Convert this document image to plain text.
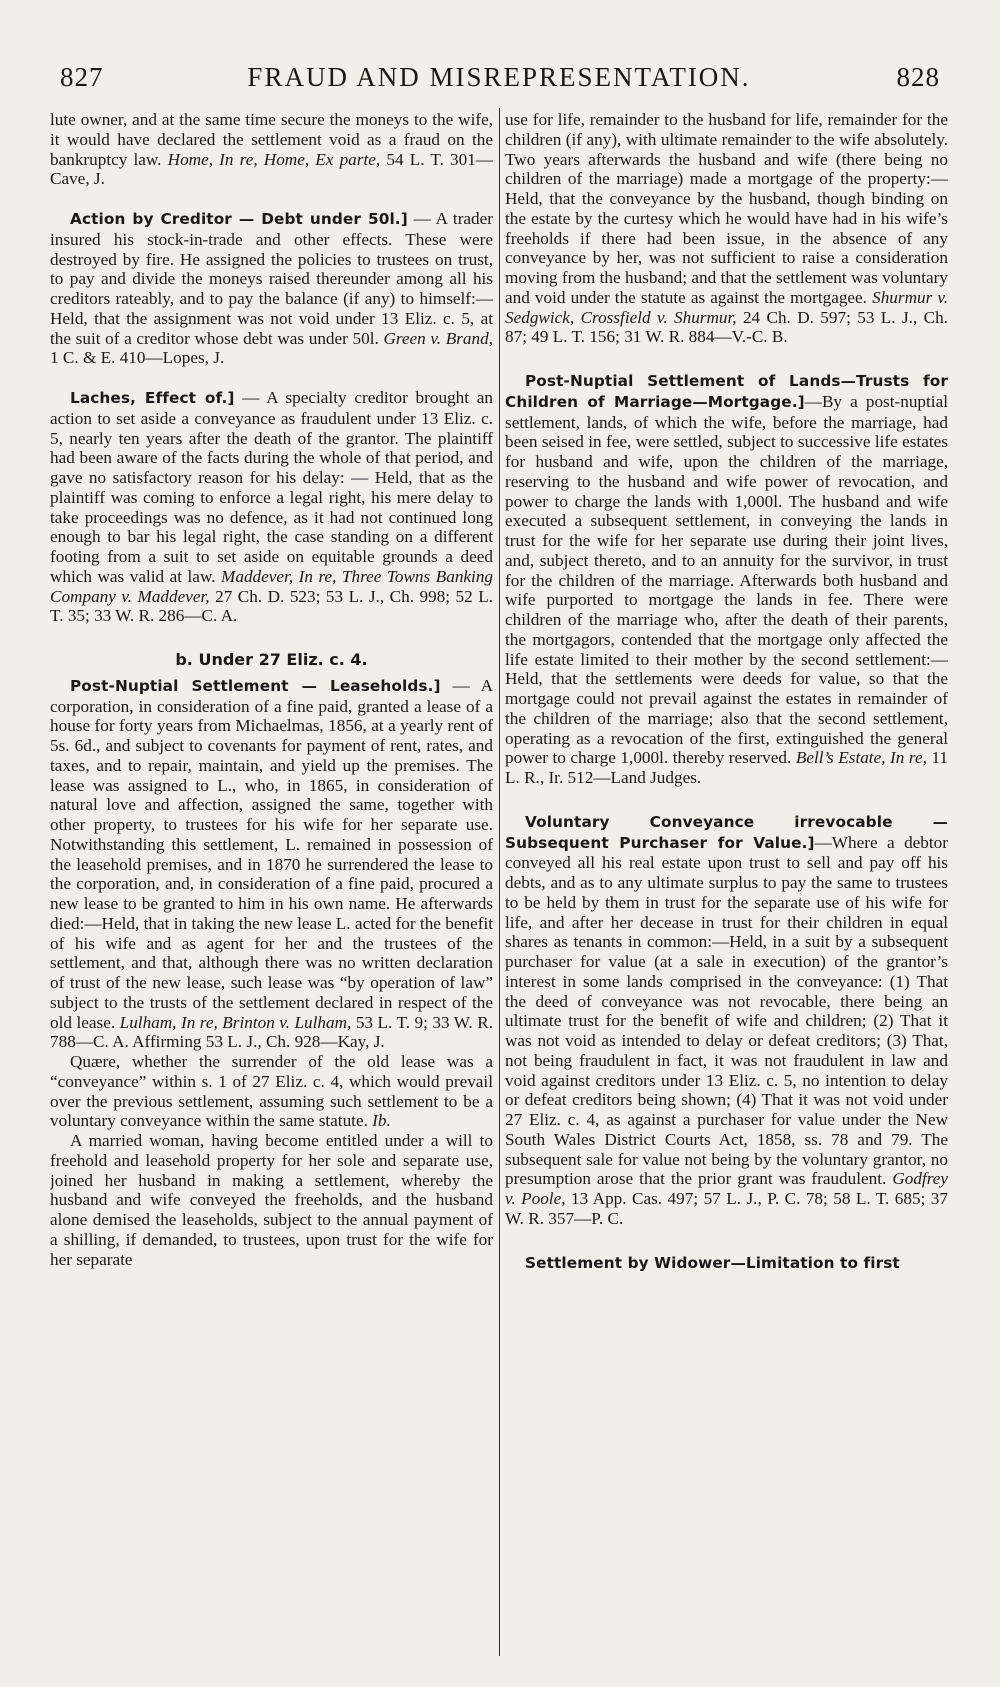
827	FRAUD AND MISREPRESENTATION.	828

lute owner, and at the same time secure the moneys to the wife, it would have declared the settlement void as a fraud on the bankruptcy law. Home, In re, Home, Ex parte, 54 L. T. 301—Cave, J.

Action by Creditor — Debt under 50l.] — A trader insured his stock-in-trade and other effects. These were destroyed by fire. He assigned the policies to trustees on trust, to pay and divide the moneys raised thereunder among all his creditors rateably, and to pay the balance (if any) to himself:—Held, that the assignment was not void under 13 Eliz. c. 5, at the suit of a creditor whose debt was under 50l. Green v. Brand, 1 C. & E. 410—Lopes, J.

Laches, Effect of.] — A specialty creditor brought an action to set aside a conveyance as fraudulent under 13 Eliz. c. 5, nearly ten years after the death of the grantor. The plaintiff had been aware of the facts during the whole of that period, and gave no satisfactory reason for his delay: — Held, that as the plaintiff was coming to enforce a legal right, his mere delay to take proceedings was no defence, as it had not continued long enough to bar his legal right, the case standing on a different footing from a suit to set aside on equitable grounds a deed which was valid at law. Maddever, In re, Three Towns Banking Company v. Maddever, 27 Ch. D. 523; 53 L. J., Ch. 998; 52 L. T. 35; 33 W. R. 286—C. A.

b. Under 27 Eliz. c. 4.

Post-Nuptial Settlement — Leaseholds.] — A corporation, in consideration of a fine paid, granted a lease of a house for forty years from Michaelmas, 1856, at a yearly rent of 5s. 6d., and subject to covenants for payment of rent, rates, and taxes, and to repair, maintain, and yield up the premises. The lease was assigned to L., who, in 1865, in consideration of natural love and affection, assigned the same, together with other property, to trustees for his wife for her separate use. Notwithstanding this settlement, L. remained in possession of the leasehold premises, and in 1870 he surrendered the lease to the corporation, and, in consideration of a fine paid, procured a new lease to be granted to him in his own name. He afterwards died:—Held, that in taking the new lease L. acted for the benefit of his wife and as agent for her and the trustees of the settlement, and that, although there was no written declaration of trust of the new lease, such lease was “by operation of law” subject to the trusts of the settlement declared in respect of the old lease. Lulham, In re, Brinton v. Lulham, 53 L. T. 9; 33 W. R. 788—C. A. Affirming 53 L. J., Ch. 928—Kay, J.

Quære, whether the surrender of the old lease was a “conveyance” within s. 1 of 27 Eliz. c. 4, which would prevail over the previous settlement, assuming such settlement to be a voluntary conveyance within the same statute. Ib.

A married woman, having become entitled under a will to freehold and leasehold property for her sole and separate use, joined her husband in making a settlement, whereby the husband and wife conveyed the freeholds, and the husband alone demised the leaseholds, subject to the annual payment of a shilling, if demanded, to trustees, upon trust for the wife for her separate

use for life, remainder to the husband for life, remainder for the children (if any), with ultimate remainder to the wife absolutely. Two years afterwards the husband and wife (there being no children of the marriage) made a mortgage of the property:—Held, that the conveyance by the husband, though binding on the estate by the curtesy which he would have had in his wife’s freeholds if there had been issue, in the absence of any conveyance by her, was not sufficient to raise a consideration moving from the husband; and that the settlement was voluntary and void under the statute as against the mortgagee. Shurmur v. Sedgwick, Crossfield v. Shurmur, 24 Ch. D. 597; 53 L. J., Ch. 87; 49 L. T. 156; 31 W. R. 884—V.-C. B.

Post-Nuptial Settlement of Lands—Trusts for Children of Marriage—Mortgage.]—By a post-nuptial settlement, lands, of which the wife, before the marriage, had been seised in fee, were settled, subject to successive life estates for husband and wife, upon the children of the marriage, reserving to the husband and wife power of revocation, and power to charge the lands with 1,000l. The husband and wife executed a subsequent settlement, in conveying the lands in trust for the wife for her separate use during their joint lives, and, subject thereto, and to an annuity for the survivor, in trust for the children of the marriage. Afterwards both husband and wife purported to mortgage the lands in fee. There were children of the marriage who, after the death of their parents, the mortgagors, contended that the mortgage only affected the life estate limited to their mother by the second settlement:—Held, that the settlements were deeds for value, so that the mortgage could not prevail against the estates in remainder of the children of the marriage; also that the second settlement, operating as a revocation of the first, extinguished the general power to charge 1,000l. thereby reserved. Bell’s Estate, In re, 11 L. R., Ir. 512—Land Judges.

Voluntary Conveyance irrevocable — Subsequent Purchaser for Value.]—Where a debtor conveyed all his real estate upon trust to sell and pay off his debts, and as to any ultimate surplus to pay the same to trustees to be held by them in trust for the separate use of his wife for life, and after her decease in trust for their children in equal shares as tenants in common:—Held, in a suit by a subsequent purchaser for value (at a sale in execution) of the grantor’s interest in some lands comprised in the conveyance: (1) That the deed of conveyance was not revocable, there being an ultimate trust for the benefit of wife and children; (2) That it was not void as intended to delay or defeat creditors; (3) That, not being fraudulent in fact, it was not fraudulent in law and void against creditors under 13 Eliz. c. 5, no intention to delay or defeat creditors being shown; (4) That it was not void under 27 Eliz. c. 4, as against a purchaser for value under the New South Wales District Courts Act, 1858, ss. 78 and 79. The subsequent sale for value not being by the voluntary grantor, no presumption arose that the prior grant was fraudulent. Godfrey v. Poole, 13 App. Cas. 497; 57 L. J., P. C. 78; 58 L. T. 685; 37 W. R. 357—P. C.

Settlement by Widower—Limitation to first
